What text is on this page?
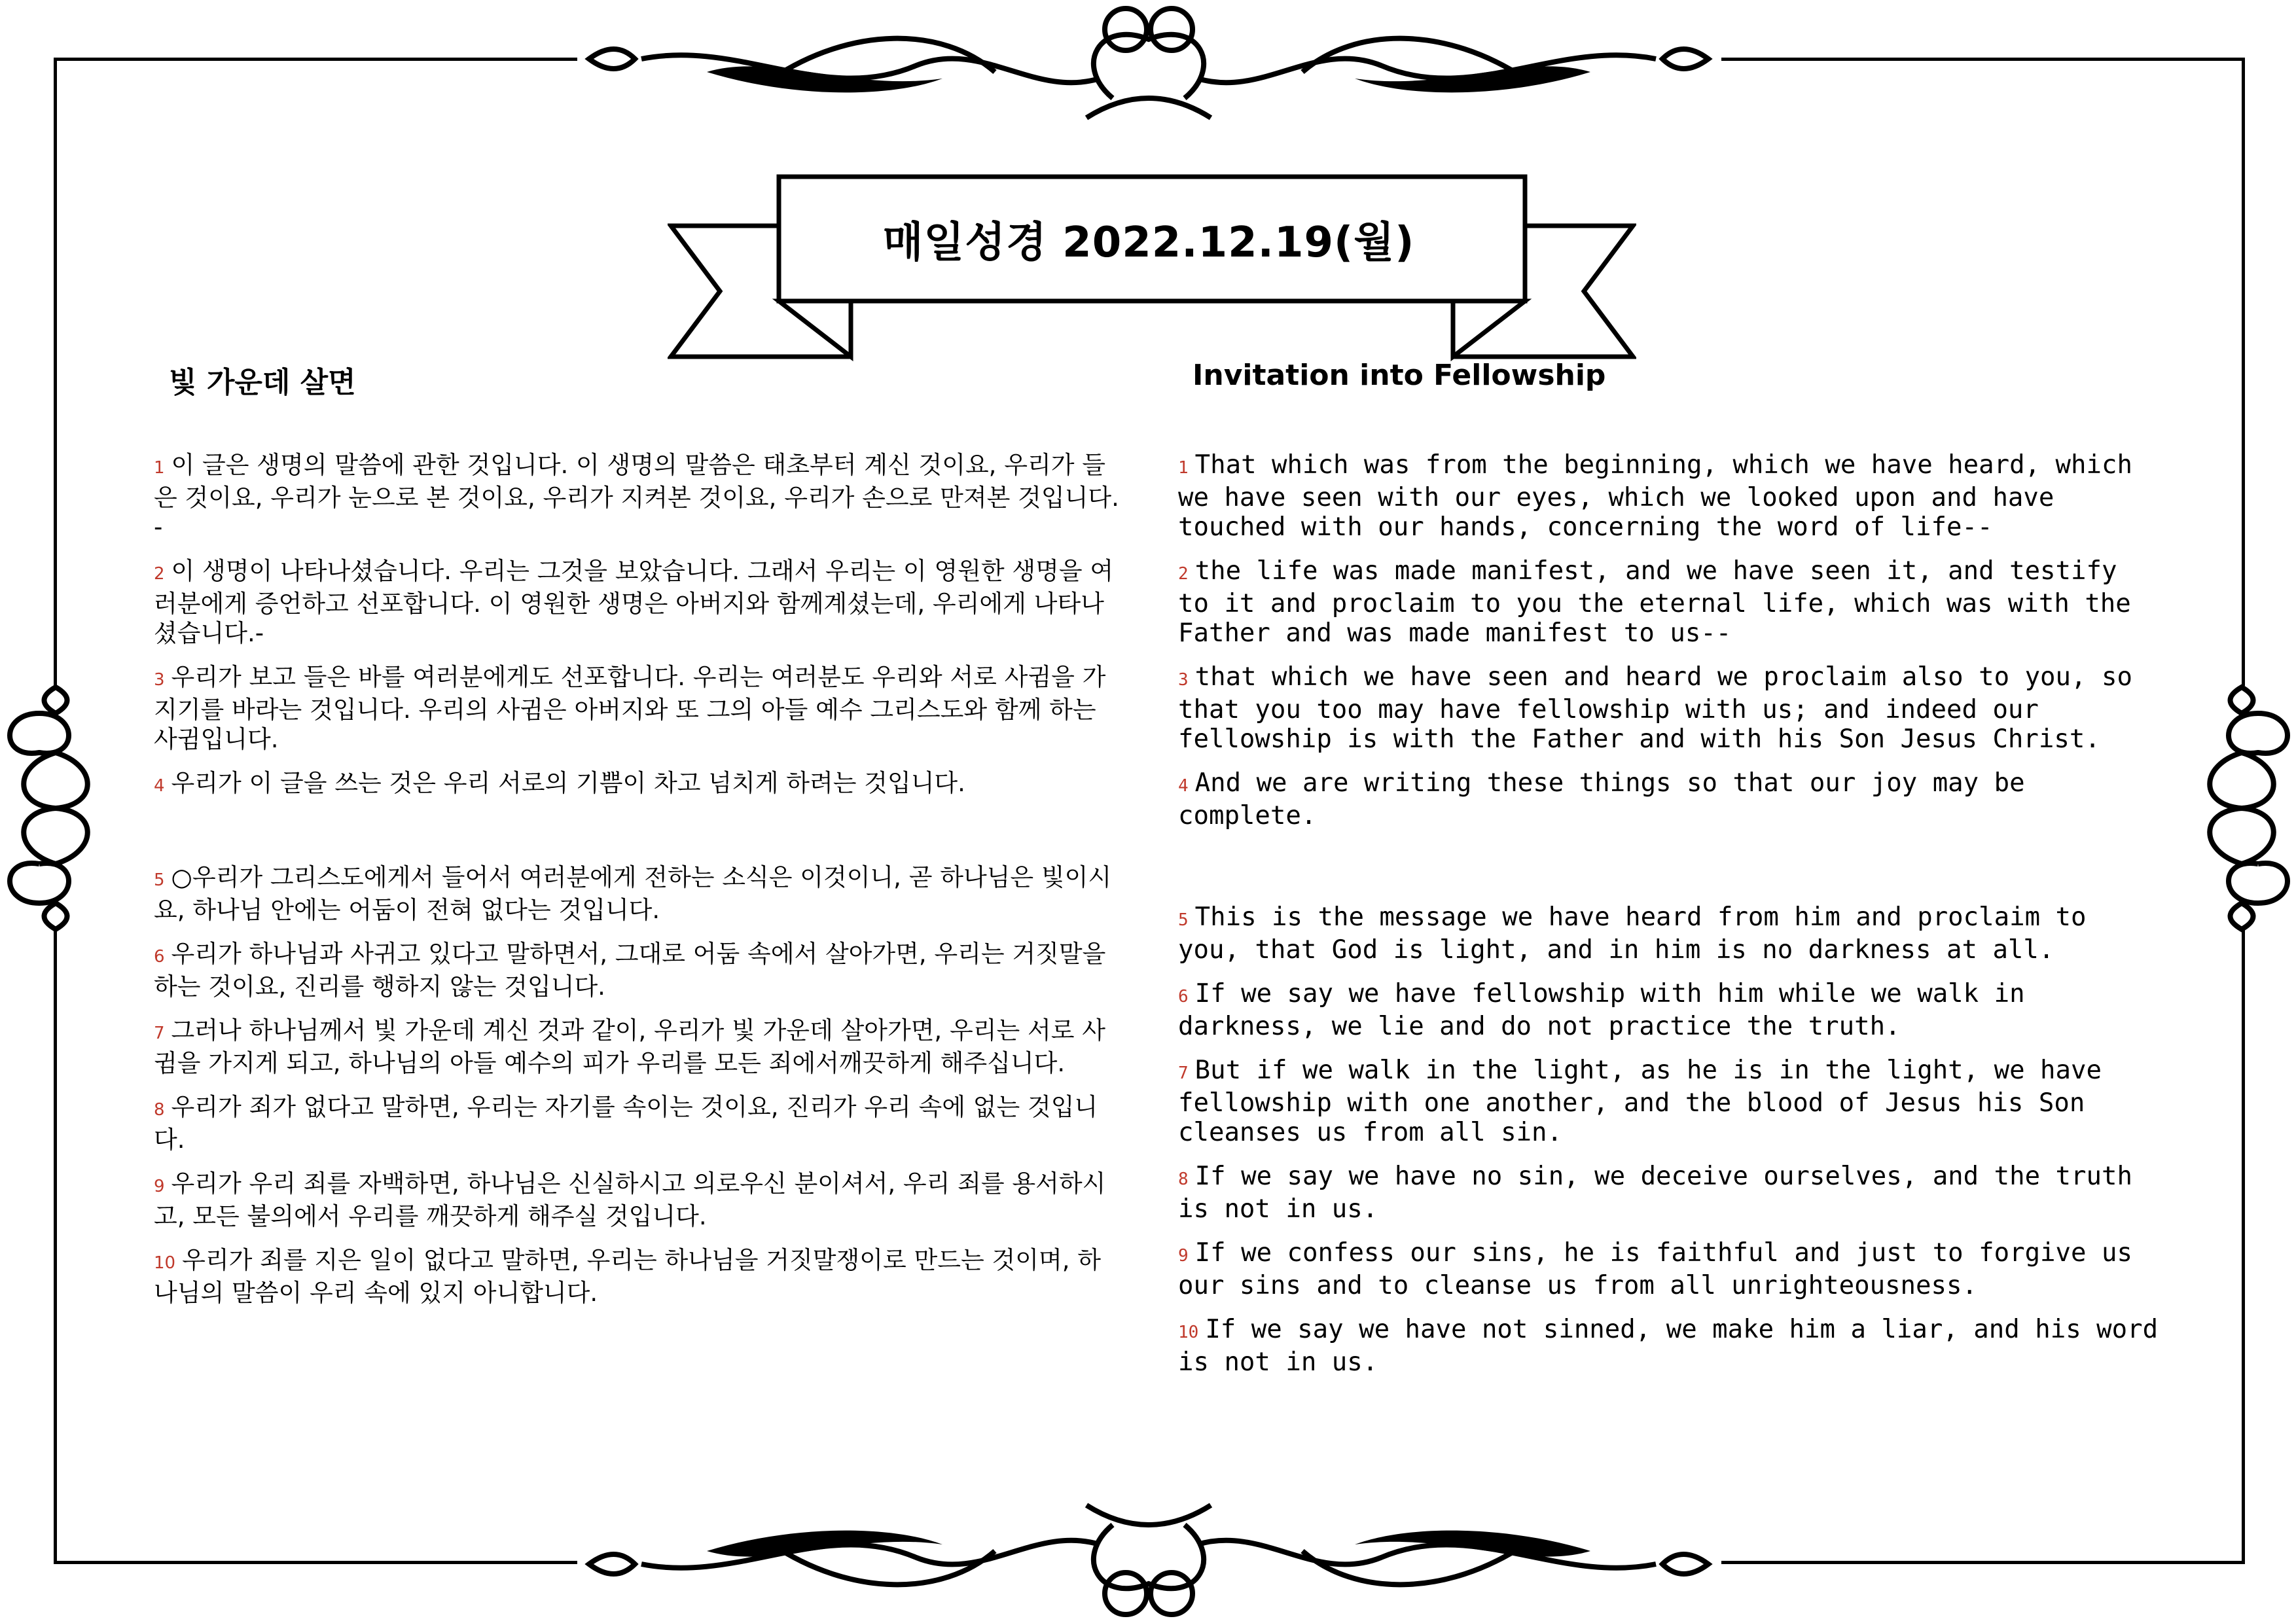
매일성경 2022.12.19(월)
빛 가운데 살면	Invitation into Fellowship
1 이 글은 생명의 말씀에 관한 것입니다. 이 생명의 말씀은 태초부터 계신 것이요, 우리가 들은 것이요, 우리가 눈으로 본 것이요, 우리가 지켜본 것이요, 우리가 손으로 만져본 것입니다. -
2 이 생명이 나타나셨습니다. 우리는 그것을 보았습니다. 그래서 우리는 이 영원한 생명을 여러분에게 증언하고 선포합니다. 이 영원한 생명은 아버지와 함께계셨는데, 우리에게 나타나셨습니다.-
3 우리가 보고 들은 바를 여러분에게도 선포합니다. 우리는 여러분도 우리와 서로 사귐을 가지기를 바라는 것입니다. 우리의 사귐은 아버지와 또 그의 아들 예수 그리스도와 함께 하는 사귐입니다.
4 우리가 이 글을 쓰는 것은 우리 서로의 기쁨이 차고 넘치게 하려는 것입니다.
5 ○우리가 그리스도에게서 들어서 여러분에게 전하는 소식은 이것이니, 곧 하나님은 빛이시요, 하나님 안에는 어둠이 전혀 없다는 것입니다.
6 우리가 하나님과 사귀고 있다고 말하면서, 그대로 어둠 속에서 살아가면, 우리는 거짓말을 하는 것이요, 진리를 행하지 않는 것입니다.
7 그러나 하나님께서 빛 가운데 계신 것과 같이, 우리가 빛 가운데 살아가면, 우리는 서로 사귐을 가지게 되고, 하나님의 아들 예수의 피가 우리를 모든 죄에서깨끗하게 해주십니다.
8 우리가 죄가 없다고 말하면, 우리는 자기를 속이는 것이요, 진리가 우리 속에 없는 것입니다.
9 우리가 우리 죄를 자백하면, 하나님은 신실하시고 의로우신 분이셔서, 우리 죄를 용서하시고, 모든 불의에서 우리를 깨끗하게 해주실 것입니다.
10 우리가 죄를 지은 일이 없다고 말하면, 우리는 하나님을 거짓말쟁이로 만드는 것이며, 하나님의 말씀이 우리 속에 있지 아니합니다.
1 That which was from the beginning, which we have heard, which we have seen with our eyes, which we looked upon and have touched with our hands, concerning the word of life--
2 the life was made manifest, and we have seen it, and testify to it and proclaim to you the eternal life, which was with the Father and was made manifest to us--
3 that which we have seen and heard we proclaim also to you, so that you too may have fellowship with us; and indeed our fellowship is with the Father and with his Son Jesus Christ.
4 And we are writing these things so that our joy may be complete.
5 This is the message we have heard from him and proclaim to you, that God is light, and in him is no darkness at all.
6 If we say we have fellowship with him while we walk in darkness, we lie and do not practice the truth.
7 But if we walk in the light, as he is in the light, we have fellowship with one another, and the blood of Jesus his Son cleanses us from all sin.
8 If we say we have no sin, we deceive ourselves, and the truth is not in us.
9 If we confess our sins, he is faithful and just to forgive us our sins and to cleanse us from all unrighteousness.
10 If we say we have not sinned, we make him a liar, and his word is not in us.
